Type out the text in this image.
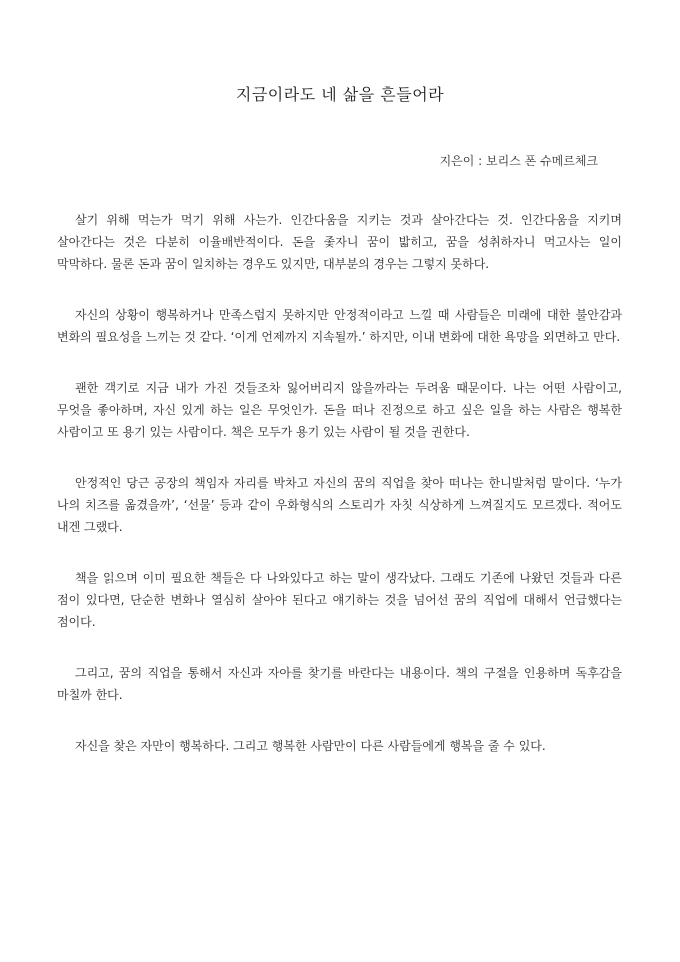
지금이라도 네 삶을 흔들어라
지은이 : 보리스 폰 슈메르체크

살기 위해 먹는가 먹기 위해 사는가. 인간다움을 지키는 것과 살아간다는 것. 인간다움을 지키며 살아간다는 것은 다분히 이율배반적이다. 돈을 좇자니 꿈이 밟히고, 꿈을 성취하자니 먹고사는 일이 막막하다. 물론 돈과 꿈이 일치하는 경우도 있지만, 대부분의 경우는 그렇지 못하다.

자신의 상황이 행복하거나 만족스럽지 못하지만 안정적이라고 느낄 때 사람들은 미래에 대한 불안감과 변화의 필요성을 느끼는 것 같다. ‘이게 언제까지 지속될까.’ 하지만, 이내 변화에 대한 욕망을 외면하고 만다.

괜한 객기로 지금 내가 가진 것들조차 잃어버리지 않을까라는 두려움 때문이다. 나는 어떤 사람이고, 무엇을 좋아하며, 자신 있게 하는 일은 무엇인가. 돈을 떠나 진정으로 하고 싶은 일을 하는 사람은 행복한 사람이고 또 용기 있는 사람이다. 책은 모두가 용기 있는 사람이 될 것을 권한다.

안정적인 당근 공장의 책임자 자리를 박차고 자신의 꿈의 직업을 찾아 떠나는 한니발처럼 말이다. ‘누가 나의 치즈를 옮겼을까’, ‘선물’ 등과 같이 우화형식의 스토리가 자칫 식상하게 느껴질지도 모르겠다. 적어도 내겐 그랬다.

책을 읽으며 이미 필요한 책들은 다 나와있다고 하는 말이 생각났다. 그래도 기존에 나왔던 것들과 다른 점이 있다면, 단순한 변화나 열심히 살아야 된다고 얘기하는 것을 넘어선 꿈의 직업에 대해서 언급했다는 점이다.

그리고, 꿈의 직업을 통해서 자신과 자아를 찾기를 바란다는 내용이다. 책의 구절을 인용하며 독후감을 마칠까 한다.

자신을 찾은 자만이 행복하다. 그리고 행복한 사람만이 다른 사람들에게 행복을 줄 수 있다.
